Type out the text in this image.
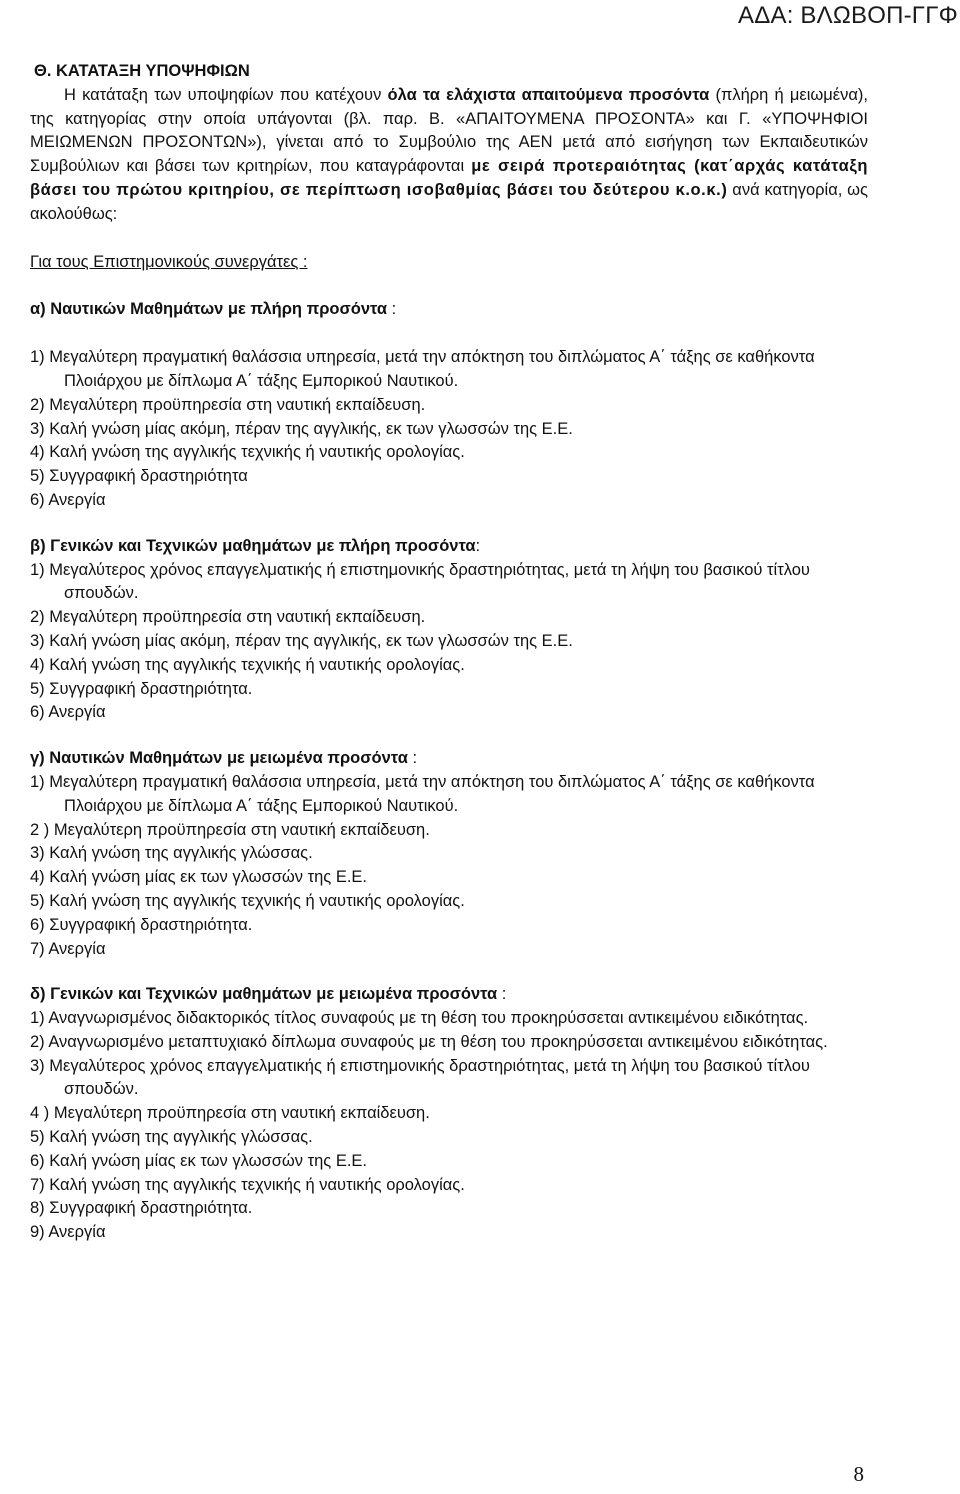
ΑΔΑ: ΒΛΩΒΟΠ-ΓΓΦ
Θ. ΚΑΤΑΤΑΞΗ ΥΠΟΨΗΦΙΩΝ

Η κατάταξη των υποψηφίων που κατέχουν όλα τα ελάχιστα απαιτούμενα προσόντα (πλήρη ή μειωμένα), της κατηγορίας στην οποία υπάγονται (βλ. παρ. Β. «ΑΠΑΙΤΟΥΜΕΝΑ ΠΡΟΣΟΝΤΑ» και Γ. «ΥΠΟΨΗΦΙΟΙ ΜΕΙΩΜΕΝΩΝ ΠΡΟΣΟΝΤΩΝ»), γίνεται από το Συμβούλιο της ΑΕΝ μετά από εισήγηση των Εκπαιδευτικών Συμβούλιων και βάσει των κριτηρίων, που καταγράφονται με σειρά προτεραιότητας (κατ΄αρχάς κατάταξη βάσει του πρώτου κριτηρίου, σε περίπτωση ισοβαθμίας βάσει του δεύτερου κ.ο.κ.) ανά κατηγορία, ως ακολούθως:

Για τους Επιστημονικούς συνεργάτες :

α) Ναυτικών Μαθημάτων με πλήρη προσόντα :

1) Μεγαλύτερη πραγματική θαλάσσια υπηρεσία, μετά την απόκτηση του διπλώματος Α΄ τάξης σε καθήκοντα Πλοιάρχου με δίπλωμα Α΄ τάξης Εμπορικού Ναυτικού.

2) Μεγαλύτερη προϋπηρεσία στη ναυτική εκπαίδευση.

3) Καλή γνώση μίας ακόμη, πέραν της αγγλικής, εκ των γλωσσών της Ε.Ε.

4) Καλή γνώση της αγγλικής τεχνικής ή ναυτικής ορολογίας.

5) Συγγραφική δραστηριότητα

6) Ανεργία

β) Γενικών και Τεχνικών μαθημάτων με πλήρη προσόντα:

1) Μεγαλύτερος χρόνος επαγγελματικής ή επιστημονικής δραστηριότητας, μετά τη λήψη του βασικού τίτλου σπουδών.

2) Μεγαλύτερη προϋπηρεσία στη ναυτική εκπαίδευση.

3) Καλή γνώση μίας ακόμη, πέραν της αγγλικής, εκ των γλωσσών της Ε.Ε.

4) Καλή γνώση της αγγλικής τεχνικής ή ναυτικής ορολογίας.

5) Συγγραφική δραστηριότητα.

6) Ανεργία

γ) Ναυτικών Μαθημάτων με μειωμένα προσόντα :

1) Μεγαλύτερη πραγματική θαλάσσια υπηρεσία, μετά την απόκτηση του διπλώματος Α΄ τάξης σε καθήκοντα Πλοιάρχου με δίπλωμα Α΄ τάξης Εμπορικού Ναυτικού.

2 ) Μεγαλύτερη προϋπηρεσία στη ναυτική εκπαίδευση.

3) Καλή γνώση της αγγλικής γλώσσας.

4) Καλή γνώση μίας εκ των γλωσσών της Ε.Ε.

5) Καλή γνώση της αγγλικής τεχνικής ή ναυτικής ορολογίας.

6) Συγγραφική δραστηριότητα.

7) Ανεργία

δ) Γενικών και Τεχνικών μαθημάτων με μειωμένα προσόντα :

1) Αναγνωρισμένος διδακτορικός τίτλος συναφούς με τη θέση του προκηρύσσεται αντικειμένου ειδικότητας.

2) Αναγνωρισμένο μεταπτυχιακό δίπλωμα συναφούς με τη θέση του προκηρύσσεται αντικειμένου ειδικότητας.

3) Μεγαλύτερος χρόνος επαγγελματικής ή επιστημονικής δραστηριότητας, μετά τη λήψη του βασικού τίτλου σπουδών.

4 ) Μεγαλύτερη προϋπηρεσία στη ναυτική εκπαίδευση.

5) Καλή γνώση της αγγλικής γλώσσας.

6) Καλή γνώση μίας εκ των γλωσσών της Ε.Ε.

7) Καλή γνώση της αγγλικής τεχνικής ή ναυτικής ορολογίας.

8) Συγγραφική δραστηριότητα.

9) Ανεργία

8
